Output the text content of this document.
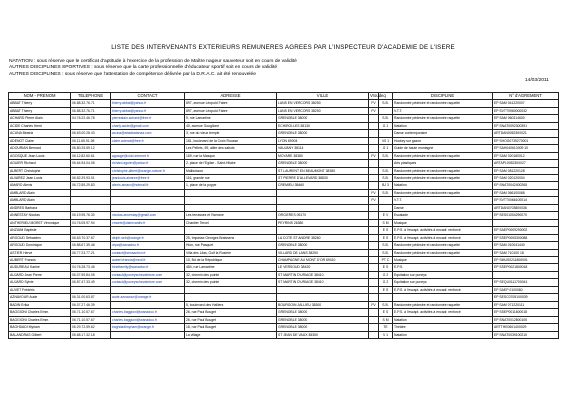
LISTE DES INTERVENANTS EXTERIEURS REMUNERES AGREES PAR L'INSPECTEUR D'ACADEMIE DE L'ISERE
NATATION : sous réserve que le certificat d'aptitude à l'exercice de la profession de Maître nageur sauveteur soit en cours de validité
AUTRES DISCIPLINES SPORTIVES : sous réserve que la carte professionnelle d'éducateur sportif soit en cours de validité
AUTRES DISCIPLINES : sous réserve que l'attestation de compétence délivrée par la D.R.A.C. ait été renouvelée
14/03/2011
NOM - PRENOM	TELEPHONE	CONTACT	ADRESSE	VILLE	Vroudeq		DISCIPLINE	N° d'AGREMENT
ABBAT Thierry	06.88.32.76.71	thierry.abbat@yahoo.fr	897, avenue Léopold Fabre	LANS EN VERCORS 38250	FV	S.B.	Randonnée pédestre et randonnée raquette	EP SAM 041220007
ABBAT Thierry	06.88.32.76.71	thierry.abbat@yahoo.fr	897, avenue Léopold Fabre	LANS EN VERCORS 38250	FV		V.T.T.	EP SVTT0960000032
ACHARD Pierre Alain	04.76.22.46.78	pierrealain.achard@free.fr	9, rue Lamartine	GRENOBLE 38000		S.B.	Randonnée pédestre et randonnée raquette	EP SAM 060314600
ACIDE Charles Henri		charly.acide@gmail.com	40, avenue Gouglione	ECHIROLLES 38130		G 1	Natation	EP SNAT0092300391
ACUNA Béatriz	06.63.00.28.43	acuna@abadiadanza.com	3, rue du vieux temple	GRENOBLE 38000			Danse contemporaine	ARTDAN0052300021
ADENOT Claire	06.11.65.91.98	claire.adenot@free.fr	181, boulevard de la Croix Rousse	LYON 69004		V0 1	Hockey sur gazon	EP SHOG0739270001
ADOURIAN Bernard	06.80.25.59.12		Les Pellets, 59, allée des sabots	VAUJANY 38114		G 1	Guide de haute montagne	EP SAH040610009 10
AGOSQUE Jean Louis	06.12.82.60.61	agosqje@club-internet.fr	169, rue la Masque	MOYARE 38380	FV	S.B.	Randonnée pédestre et randonnée raquette	EP SAM 020180012
AGUIER Richard	06.64.94.04.06	richard.aguier@yahoo.fr	2, place de l'Eglise - Saint-Hilaire	GRENOBLE 38000			Arts plastiques	ARTAPL0052300027
ALBERT Christophe		christophe.albert@orange-nature.fr	Malbuisson	ST LAURENT EN BEAUMONT 38350		S.B.	Randonnée pédestre et randonnée raquette	EP SAM 081220128
ALVAREZ Jean Louis	06.82.29.93.01	jeanlouis.alvarez@free.fr	116, grande rue	ST PIERRE D'ALLEVARD 38830		S.B.	Randonnée pédestre et randonnée raquette	EP SAM 020120004
AMARO Alexis	06.72.85.29.83	alexis.amaro@hotmail.fr	1, place de la poype	CREMIEU 38460		BJ 3	Natation	EP SNAT0042400265
AMBLARD Alain					FV	S.B.	Randonnée pédestre et randonnée raquette	EP SAM 066100068
AMBLARD Alain					FV		V.T.T.	EP SVTT0066100014
ANDRES Barbara							Danse	ARTDAN0703800036
ANNESTAY Nicolas	06.19.95.76.30	nicolas.annestay@gmail.com	Les terrasses et l'Iserane	ORCIERES 05170		E V	Escalade	EP SES01004290070
ANTHERIEU MORET Véronique	04.76.05.97.94	vmoret@dsfmvanthr.fr	Chantier Tercel	PEYRINS 26380		S M	Musique	
ANZIANI Baptiste						E S	E.P.S. à l'escapt. activités à encadr. renforcé	EP SAEP0009290002
ARGOUD Sébastien	06.63.70.37.67	delph.seb@orange.fr	25, Impasse Georges Braissens	LA COTE ST ANDRE 38260		E S	E.P.S. à l'escapt. activités à encadr. renforcé	EP SSEP0005300088
ARGOUD Dominique	06.88.67.39.46	drpa@wanadoo.fr	Hion, rue Pasquet	GRENOBLE 38000		S.B.	Randonnée pédestre et randonnée raquette	EP SAM 010041440
ASTIER Hervé	06.77.23.77.21	contact@sensaction.fr	Villa des Lilas, Golf la Rosière	VILLARD DE LANS 38250		S.B.	Randonnée pédestre et randonnée raquette	EP SAM 710100 18
AUBERT Francis		aubert.francis@neuf.fr	10, Bd de la République	CHAMPAGNE AU MONT D'OR 69410		PT C	Musique	EP SMUS0211800001
AUDUREAU Karine	04.76.28.73.46	binettamily@wanadoo.fr	484, rue Lamartine	LE VERSOUD 38420		E S	E.P.S.	EP SSEP0021800018
AUJARD Jean Pierre	06.07.59.84.05	contact@poneyschevaleture.com	32, chemin des pointe	ST MARTIN D'URIAGE 38410		G 2	Equitation sur poneys	
AUJARD Sylvie	06.87.47.33.49	contact@poneyschevaleture.com	32, chemin des pointe	ST MARTIN D'URIAGE 38410		G 2	Equitation sur poneys	EP SEQU0111700041
AUVET Frédéric						E S	E.P.S. à l'escapt. activités à encadr. renforcé	EP SAEP 0100060
AZNAVOUR Aude	06.31.00.63.87	aude.aznavour@orange.fr						EP SESC0705100039
BADIN Erika	06.07.27.46.39		5, boulevard des Halliers	BOURGOIN JALLIEU 38300	FV	S.B.	Randonnée pédestre et randonnée raquette	EP SAM 071220111
BAGGIONI Charles Emm.	06.71.10.57.67	charles.baggioni@wanadoo.fr	26, rue Paul Bouget	GRENOBLE 38000		E S	E.P.S. à l'escapt. activités à encadr. renforcé	EP SSEP0011600018
BAGGIONI Charles Emm.	06.71.10.57.67	charles.baggioni@wanadoo.fr	26, rue Paul Bouget	GRENOBLE 38000		S M	Natation	EP SNAT0012800105
BAGHDADI Myriam	06.29.72.59.62	baghdadimyriam@orange.fr	18, rue Paul Bouget	GRENOBLE 38000		TE	Théâtre	ARTTHE0601400029
BALANDRAS Gilbert	06.68.17.32.18		La village	ST JEAN DE VAUX 38350		V 1	Natation	EP SNAT0039100210
